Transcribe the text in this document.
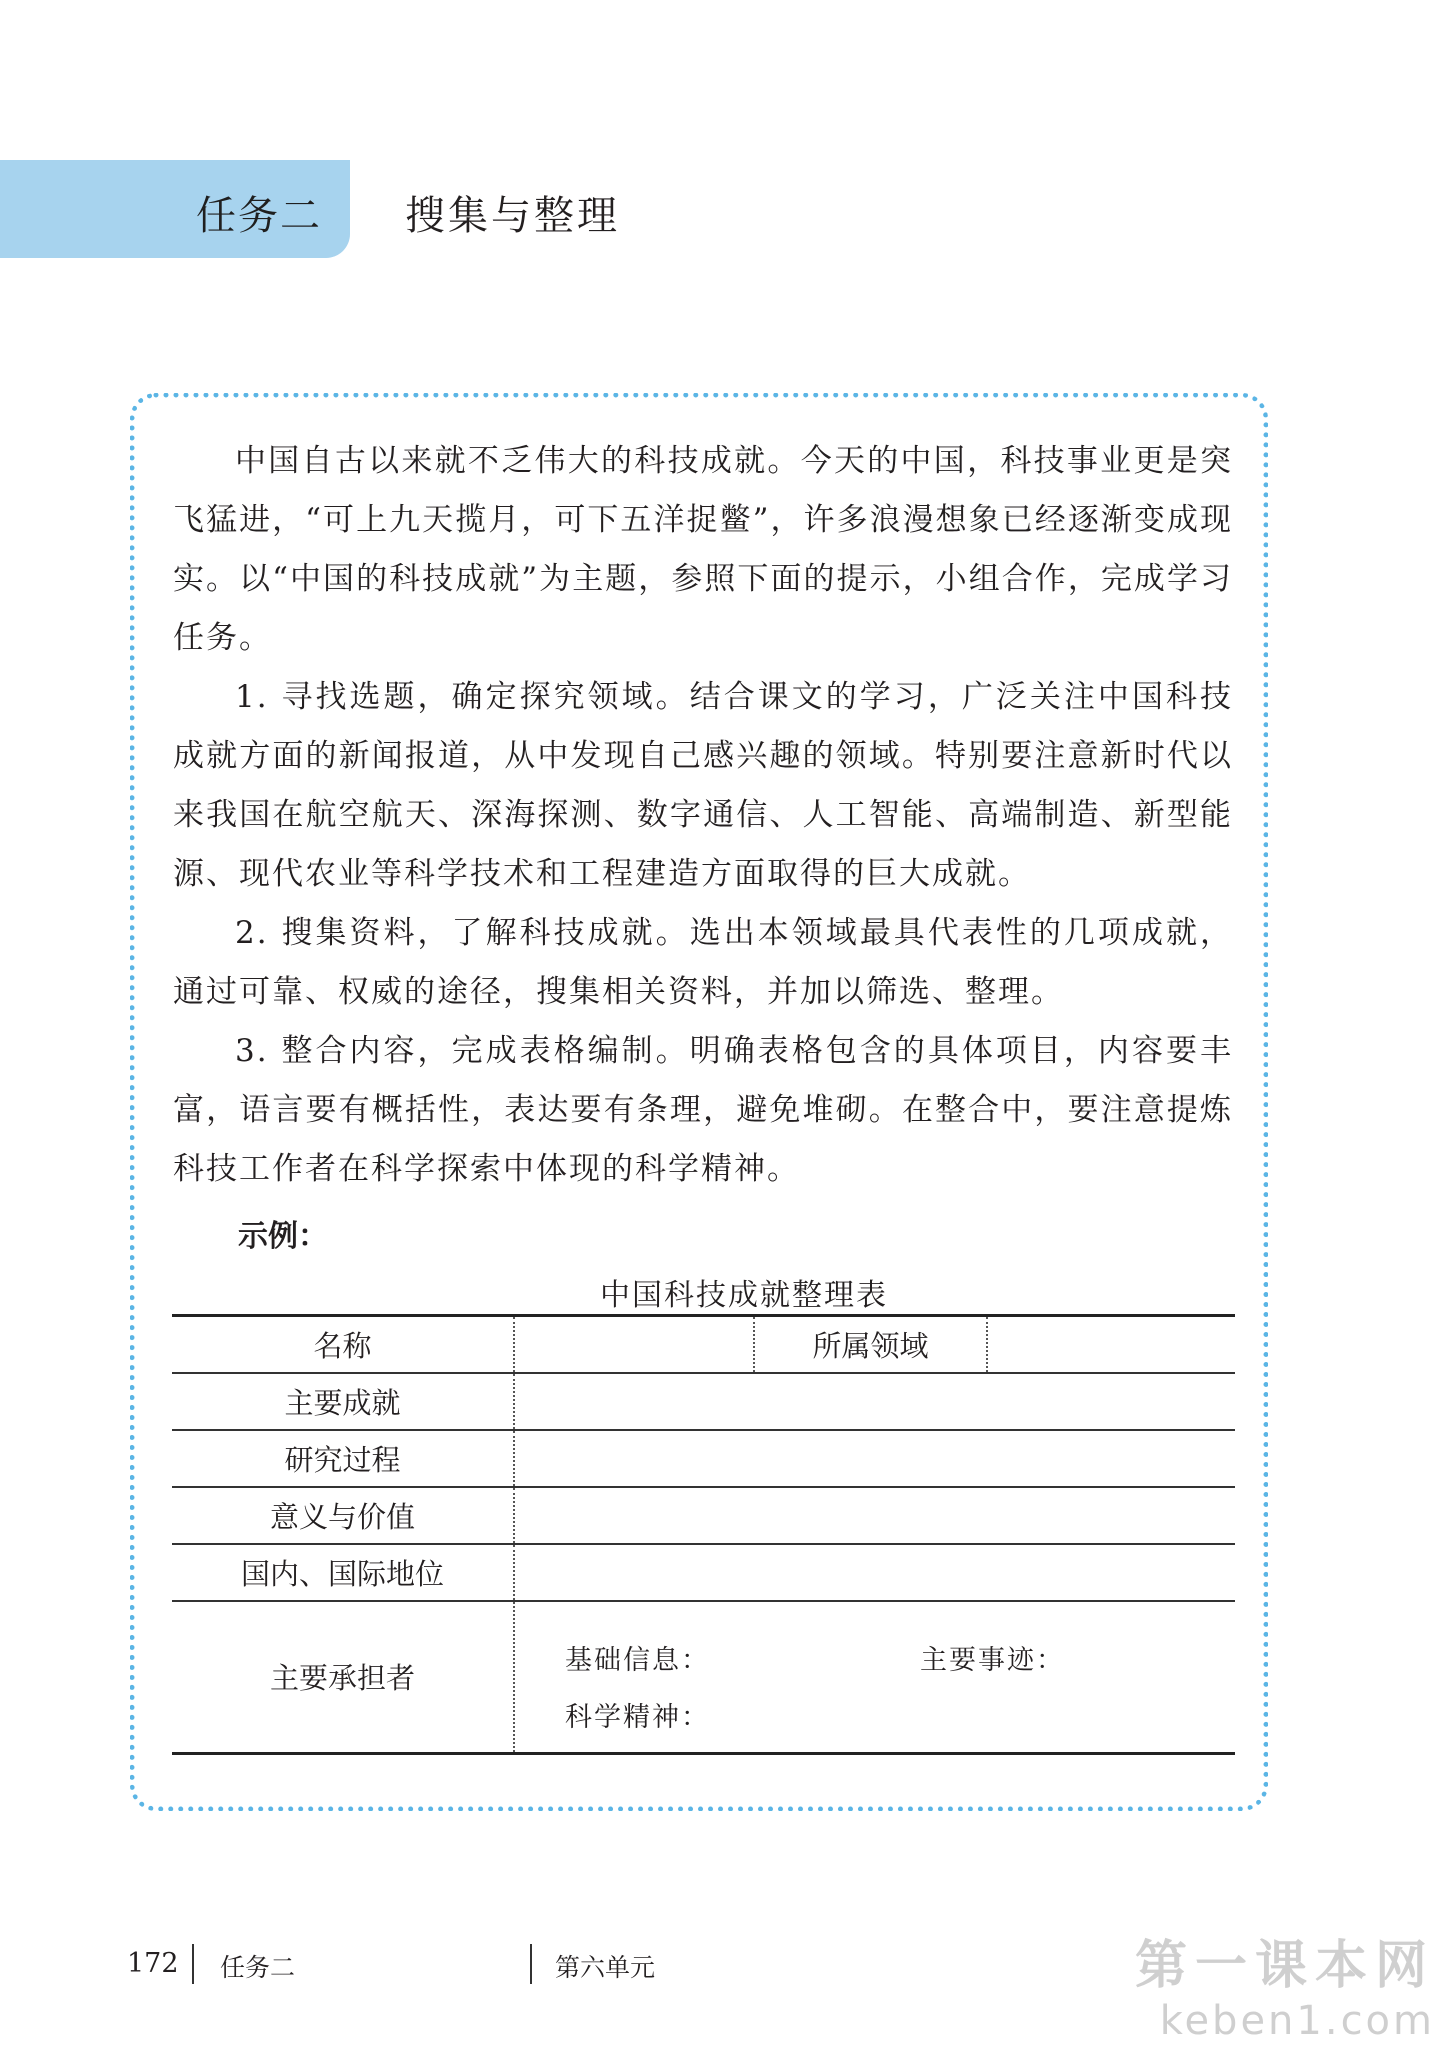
任务二 搜集与整理

中国自古以来就不乏伟大的科技成就。今天的中国，科技事业更是突飞猛进，“可上九天揽月，可下五洋捉鳖”，许多浪漫想象已经逐渐变成现实。以“中国的科技成就”为主题，参照下面的提示，小组合作，完成学习任务。

1. 寻找选题，确定探究领域。结合课文的学习，广泛关注中国科技成就方面的新闻报道，从中发现自己感兴趣的领域。特别要注意新时代以来我国在航空航天、深海探测、数字通信、人工智能、高端制造、新型能源、现代农业等科学技术和工程建造方面取得的巨大成就。

2. 搜集资料，了解科技成就。选出本领域最具代表性的几项成就，通过可靠、权威的途径，搜集相关资料，并加以筛选、整理。

3. 整合内容，完成表格编制。明确表格包含的具体项目，内容要丰富，语言要有概括性，表达要有条理，避免堆砌。在整合中，要注意提炼科技工作者在科学探索中体现的科学精神。

示例：
中国科技成就整理表
名称		所属领域	
主要成就			
研究过程			
意义与价值			
国内、国际地位			
主要承担者	基础信息： 主要事迹：
科学精神：		
172 任务二	第六单元	第一课本网
keben1.com
